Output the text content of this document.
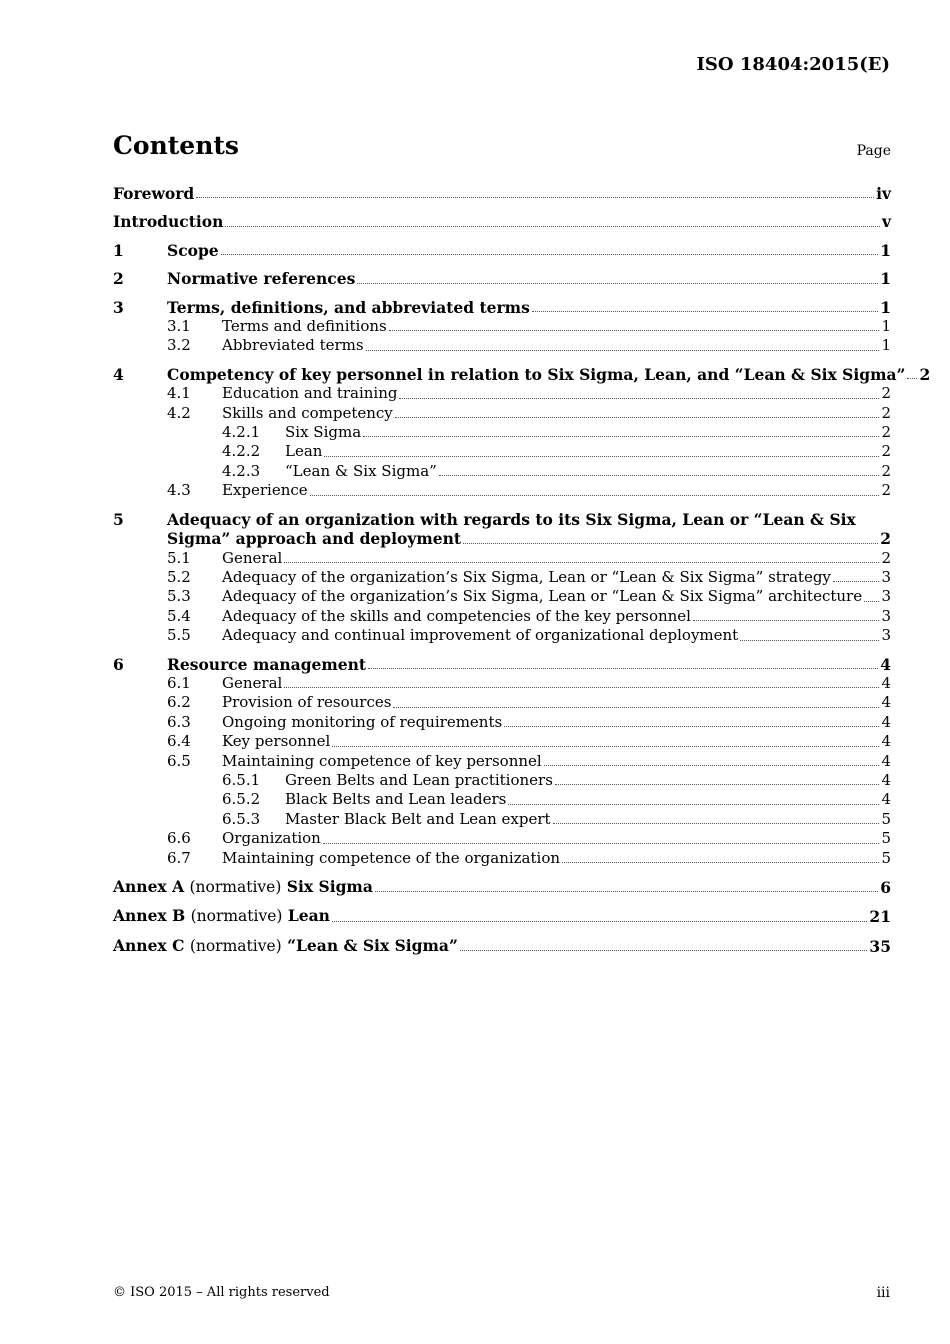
ISO 18404:2015(E)
Contents	Page
Foreword	iv
Introduction	v
1	Scope	1
2	Normative references	1
3	Terms, definitions, and abbreviated terms	1
3.1	Terms and definitions	1
3.2	Abbreviated terms	1
4	Competency of key personnel in relation to Six Sigma, Lean, and “Lean & Six Sigma” 2
4.1	Education and training	2
4.2	Skills and competency	2
4.2.1	Six Sigma	2
4.2.2	Lean	2
4.2.3	“Lean & Six Sigma”	2
4.3	Experience	2
5	Adequacy of an organization with regards to its Six Sigma, Lean or “Lean & Six
Sigma” approach and deployment	2
5.1	General	2
5.2	Adequacy of the organization’s Six Sigma, Lean or “Lean & Six Sigma” strategy	3
5.3	Adequacy of the organization’s Six Sigma, Lean or “Lean & Six Sigma” architecture 3
5.4	Adequacy of the skills and competencies of the key personnel	3
5.5	Adequacy and continual improvement of organizational deployment	3
6	Resource management	4
6.1	General	4
6.2	Provision of resources	4
6.3	Ongoing monitoring of requirements	4
6.4	Key personnel	4
6.5	Maintaining competence of key personnel	4
6.5.1	Green Belts and Lean practitioners	4
6.5.2	Black Belts and Lean leaders	4
6.5.3	Master Black Belt and Lean expert	5
6.6	Organization	5
6.7	Maintaining competence of the organization	5
Annex A (normative) Six Sigma	6
Annex B (normative) Lean	21
Annex C (normative) “Lean & Six Sigma”	35
© ISO 2015 – All rights reserved	iii
